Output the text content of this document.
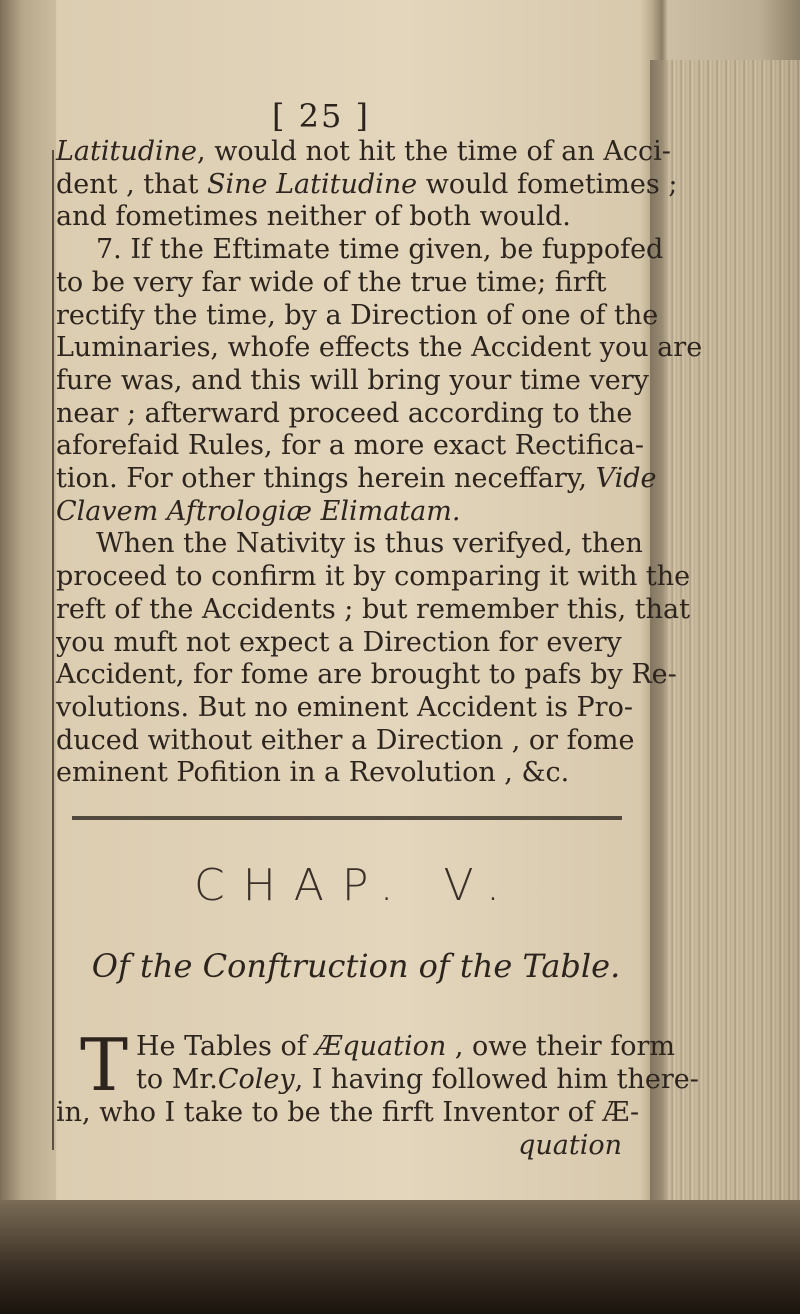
[ 25 ]
Latitudine, would not hit the time of an Acci-
dent , that Sine Latitudine would fometimes ;
and fometimes neither of both would.
7. If the Eftimate time given, be fuppofed
to be very far wide of the true time; firft
rectify the time, by a Direction of one of the
Luminaries, whofe effects the Accident you are
fure was, and this will bring your time very
near ; afterward proceed according to the
aforefaid Rules, for a more exact Rectifica-
tion. For other things herein neceffary, Vide
Clavem Aftrologiæ Elimatam.
When the Nativity is thus verifyed, then
proceed to confirm it by comparing it with the
reft of the Accidents ; but remember this, that
you muft not expect a Direction for every
Accident, for fome are brought to pafs by Re-
volutions. But no eminent Accident is Pro-
duced without either a Direction , or fome
eminent Pofition in a Revolution , &c.
CHAP. V.
Of the Conftruction of the Table.
T He Tables of Æquation , owe their form
to Mr.Coley, I having followed him there-
in, who I take to be the firft Inventor of Æ-
quation
